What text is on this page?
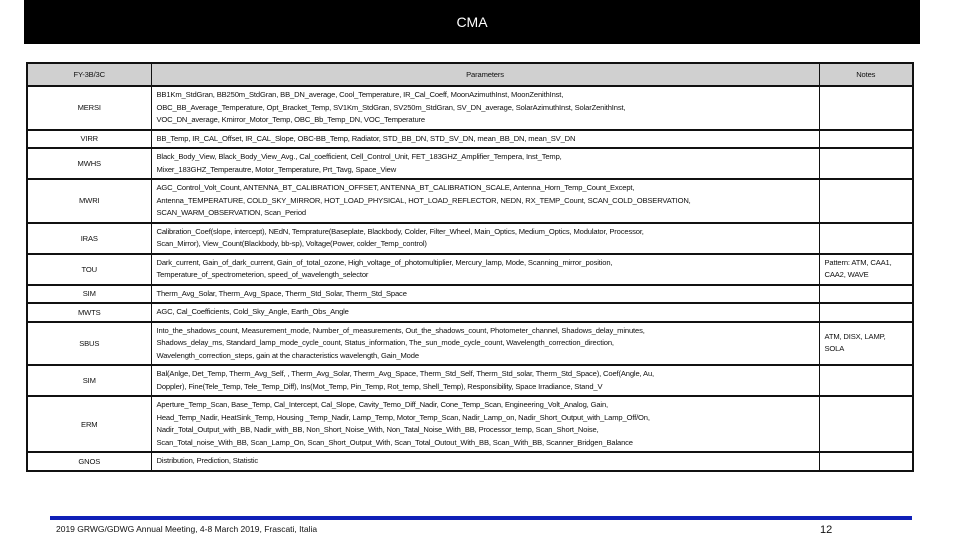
CMA
FY-3B/3C	Parameters	Notes
MERSI	BB1Km_StdGran, BB250m_StdGran, BB_DN_average, Cool_Temperature, IR_Cal_Coeff, MoonAzimuthInst, MoonZenithInst,
OBC_BB_Average_Temperature, Opt_Bracket_Temp, SV1Km_StdGran, SV250m_StdGran, SV_DN_average, SolarAzimuthInst, SolarZenithInst,
VOC_DN_average, Kmirror_Motor_Temp, OBC_Bb_Temp_DN, VOC_Temperature	

VIRR	BB_Temp, IR_CAL_Offset, IR_CAL_Slope, OBC-BB_Temp, Radiator, STD_BB_DN, STD_SV_DN, mean_BB_DN, mean_SV_DN	

MWHS	Black_Body_View, Black_Body_View_Avg., Cal_coefficient, Cell_Control_Unit, FET_183GHZ_Amplifier_Tempera, Inst_Temp,
Mixer_183GHZ_Temperautre, Motor_Temperature, Prt_Tavg, Space_View	

MWRI	AGC_Control_Volt_Count, ANTENNA_BT_CALIBRATION_OFFSET, ANTENNA_BT_CALIBRATION_SCALE, Antenna_Horn_Temp_Count_Except,
Antenna_TEMPERATURE, COLD_SKY_MIRROR, HOT_LOAD_PHYSICAL, HOT_LOAD_REFLECTOR, NEDN, RX_TEMP_Count, SCAN_COLD_OBSERVATION,
SCAN_WARM_OBSERVATION, Scan_Period	

IRAS	Calibration_Coef(slope, intercept), NEdN, Temprature(Baseplate, Blackbody, Colder, Filter_Wheel, Main_Optics, Medium_Optics, Modulator, Processor,
Scan_Mirror), View_Count(Blackbody, bb-sp), Voltage(Power, colder_Temp_control)	

TOU	Dark_current, Gain_of_dark_current, Gain_of_total_ozone, High_voltage_of_photomultiplier, Mercury_lamp, Mode, Scanning_mirror_position,
Temperature_of_spectrometerion, speed_of_wavelength_selector	Pattern: ATM, CAA1, CAA2, WAVE
SIM	Therm_Avg_Solar, Therm_Avg_Space, Therm_Std_Solar, Therm_Std_Space	

MWTS	AGC, Cal_Coefficients, Cold_Sky_Angle, Earth_Obs_Angle	

SBUS	Into_the_shadows_count, Measurement_mode, Number_of_measurements, Out_the_shadows_count, Photometer_channel, Shadows_delay_minutes,
Shadows_delay_ms, Standard_lamp_mode_cycle_count, Status_information, The_sun_mode_cycle_count, Wavelength_correction_direction,
Wavelength_correction_steps, gain at the characteristics wavelength, Gain_Mode	ATM, DISX, LAMP, SOLA
SIM	Bal(Anlge, Det_Temp, Therm_Avg_Self, , Therm_Avg_Solar, Therm_Avg_Space, Therm_Std_Self, Therm_Std_solar, Therm_Std_Space), Coef(Angle, Au,
Doppler), Fine(Tele_Temp, Tele_Temp_Diff), Ins(Mot_Temp, Pin_Temp, Rot_temp, Shell_Temp), Responsibility, Space Irradiance, Stand_V	

ERM	Aperture_Temp_Scan, Base_Temp, Cal_Intercept, Cal_Slope, Cavity_Temo_Diff_Nadir, Cone_Temp_Scan, Engineering_Volt_Analog, Gain,
Head_Temp_Nadir, HeatSink_Temp, Housing _Temp_Nadir, Lamp_Temp, Motor_Temp_Scan, Nadir_Lamp_on, Nadir_Short_Output_with_Lamp_Off/On,
Nadir_Total_Output_with_BB, Nadir_with_BB, Non_Short_Noise_With, Non_Tatal_Noise_With_BB, Processor_temp, Scan_Short_Noise,
Scan_Total_noise_With_BB, Scan_Lamp_On, Scan_Short_Output_With, Scan_Total_Outout_With_BB, Scan_With_BB, Scanner_Bridgen_Balance	

GNOS	Distribution, Prediction, Statistic	

2019 GRWG/GDWG Annual Meeting, 4-8 March 2019, Frascati, Italia	12
